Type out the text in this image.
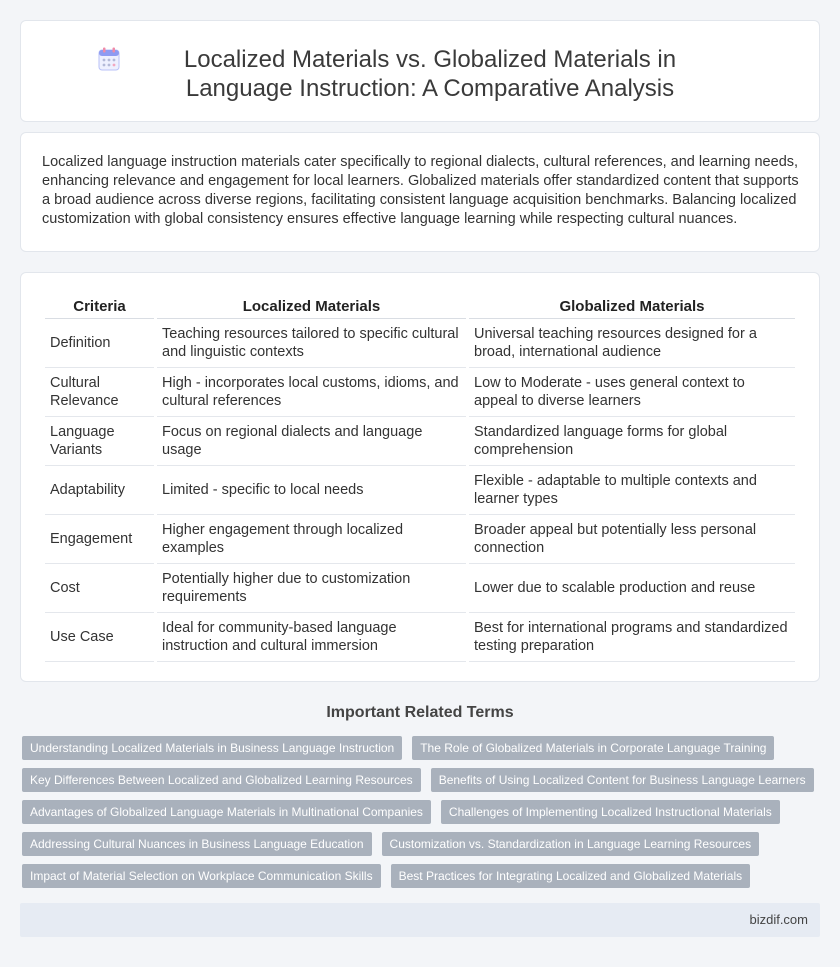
Localized Materials vs. Globalized Materials in Language Instruction: A Comparative Analysis

Localized language instruction materials cater specifically to regional dialects, cultural references, and learning needs, enhancing relevance and engagement for local learners. Globalized materials offer standardized content that supports a broad audience across diverse regions, facilitating consistent language acquisition benchmarks. Balancing localized customization with global consistency ensures effective language learning while respecting cultural nuances.

Criteria	Localized Materials	Globalized Materials
Definition	Teaching resources tailored to specific cultural and linguistic contexts	Universal teaching resources designed for a broad, international audience
Cultural Relevance	High - incorporates local customs, idioms, and cultural references	Low to Moderate - uses general context to appeal to diverse learners
Language Variants	Focus on regional dialects and language usage	Standardized language forms for global comprehension
Adaptability	Limited - specific to local needs	Flexible - adaptable to multiple contexts and learner types
Engagement	Higher engagement through localized examples	Broader appeal but potentially less personal connection
Cost	Potentially higher due to customization requirements	Lower due to scalable production and reuse
Use Case	Ideal for community-based language instruction and cultural immersion	Best for international programs and standardized testing preparation
Important Related Terms
Understanding Localized Materials in Business Language Instruction	The Role of Globalized Materials in Corporate Language Training
Key Differences Between Localized and Globalized Learning Resources	Benefits of Using Localized Content for Business Language Learners
Advantages of Globalized Language Materials in Multinational Companies	Challenges of Implementing Localized Instructional Materials
Addressing Cultural Nuances in Business Language Education	Customization vs. Standardization in Language Learning Resources
Impact of Material Selection on Workplace Communication Skills	Best Practices for Integrating Localized and Globalized Materials
bizdif.com
